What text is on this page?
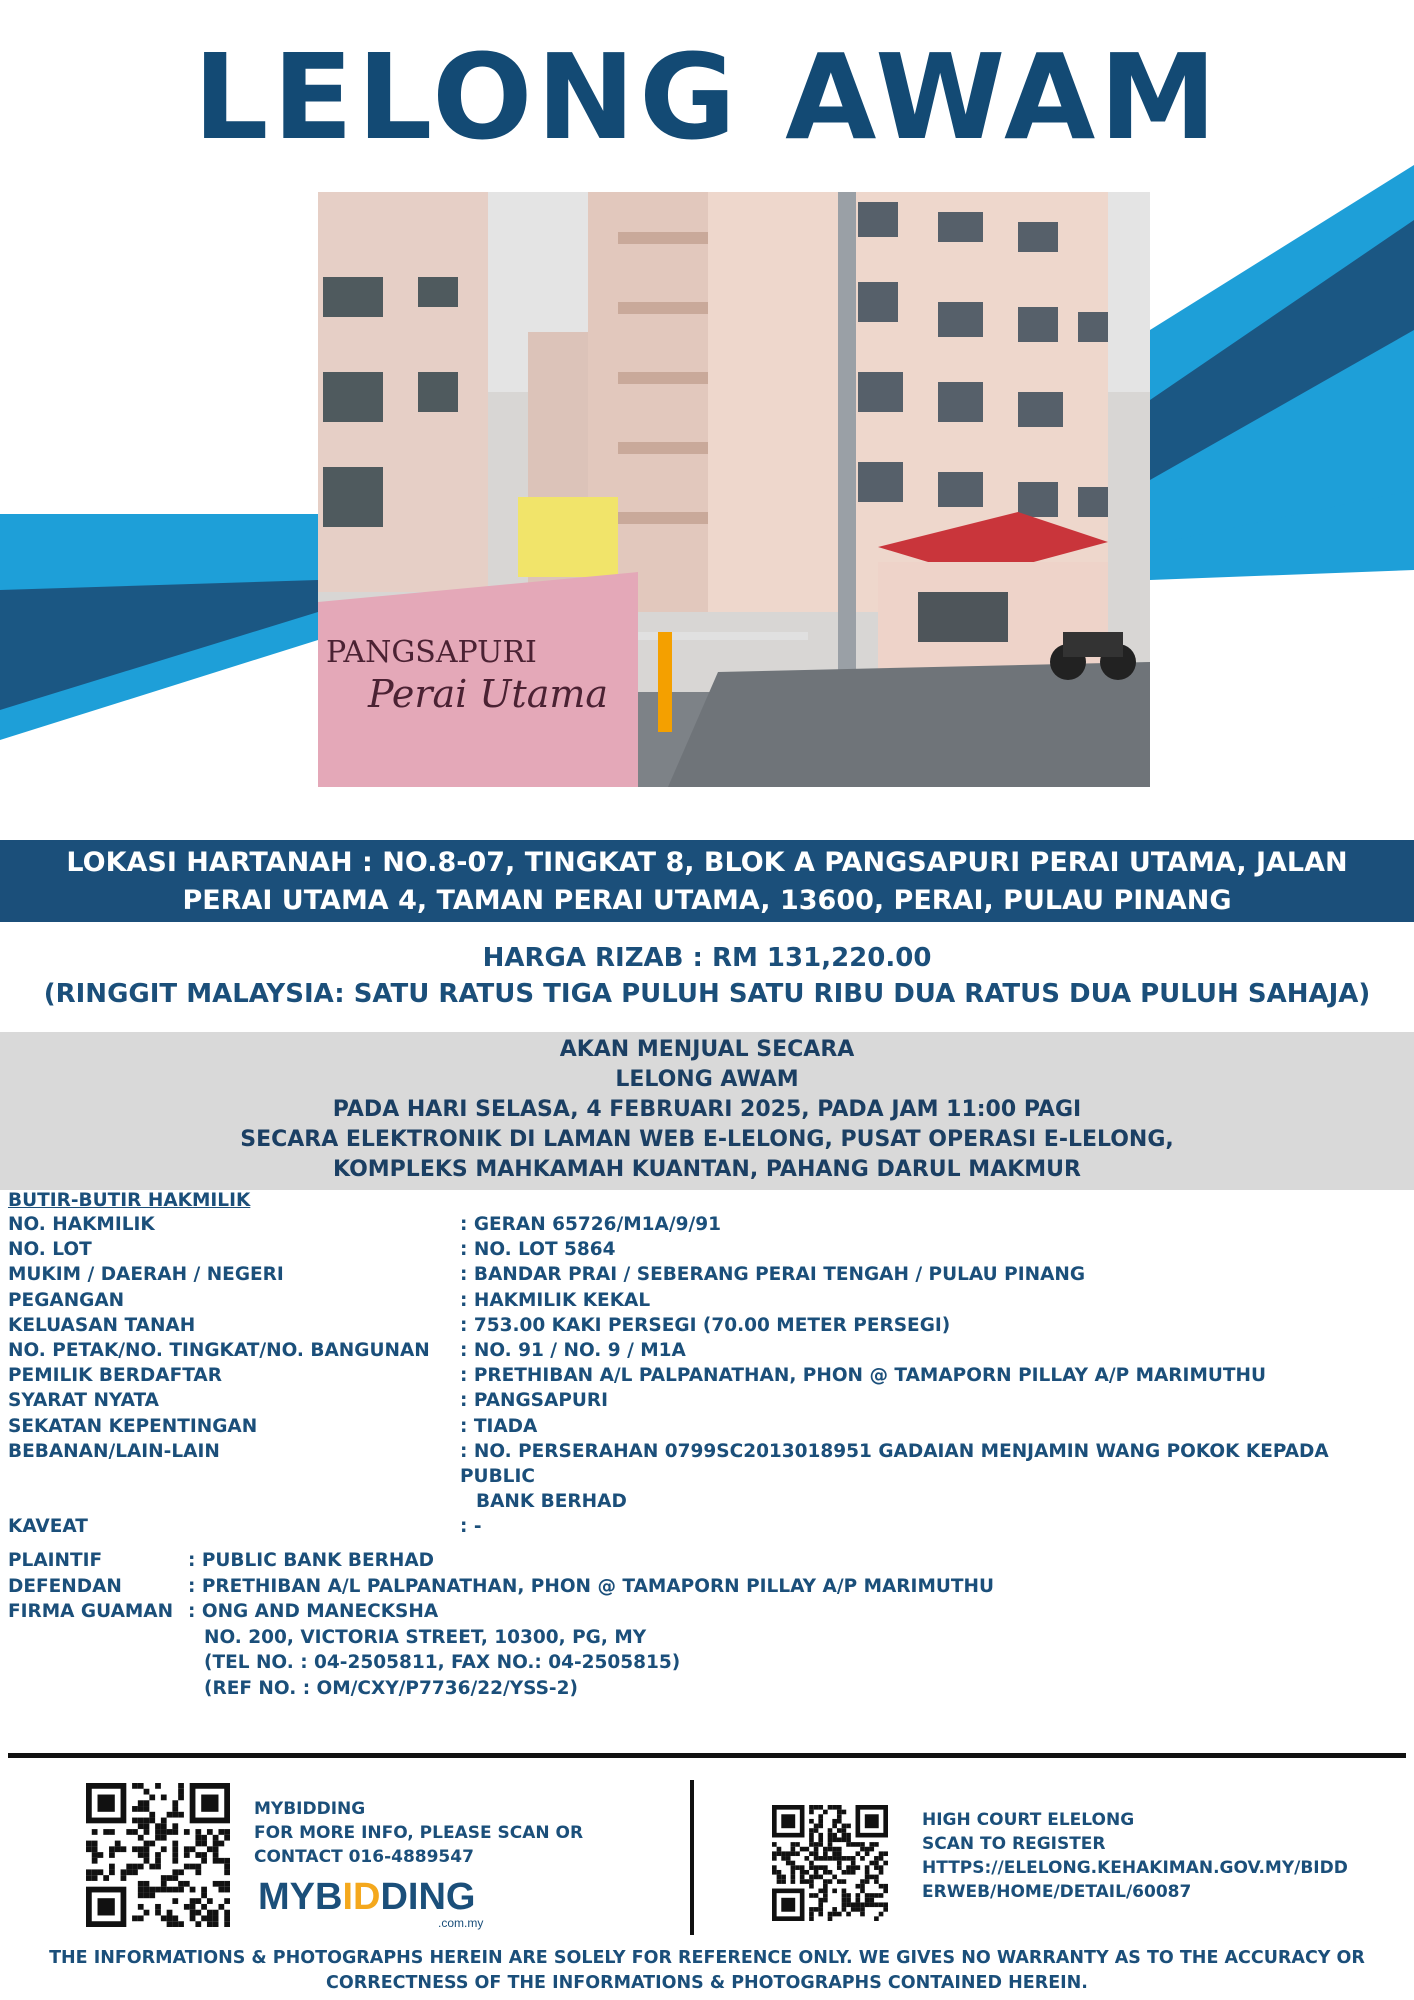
LELONG AWAM
PANGSAPURI
Perai Utama
LOKASI HARTANAH : NO.8-07, TINGKAT 8, BLOK A PANGSAPURI PERAI UTAMA, JALAN
PERAI UTAMA 4, TAMAN PERAI UTAMA, 13600, PERAI, PULAU PINANG
HARGA RIZAB : RM 131,220.00
(RINGGIT MALAYSIA: SATU RATUS TIGA PULUH SATU RIBU DUA RATUS DUA PULUH SAHAJA)
AKAN MENJUAL SECARA
LELONG AWAM
PADA HARI SELASA, 4 FEBRUARI 2025, PADA JAM 11:00 PAGI
SECARA ELEKTRONIK DI LAMAN WEB E-LELONG, PUSAT OPERASI E-LELONG,
KOMPLEKS MAHKAMAH KUANTAN, PAHANG DARUL MAKMUR
BUTIR-BUTIR HAKMILIK
NO. HAKMILIK	: GERAN 65726/M1A/9/91
NO. LOT	: NO. LOT 5864
MUKIM / DAERAH / NEGERI	: BANDAR PRAI / SEBERANG PERAI TENGAH / PULAU PINANG
PEGANGAN	: HAKMILIK KEKAL
KELUASAN TANAH	: 753.00 KAKI PERSEGI (70.00 METER PERSEGI)
NO. PETAK/NO. TINGKAT/NO. BANGUNAN	: NO. 91 / NO. 9 / M1A
PEMILIK BERDAFTAR	: PRETHIBAN A/L PALPANATHAN, PHON @ TAMAPORN PILLAY A/P MARIMUTHU
SYARAT NYATA	: PANGSAPURI
SEKATAN KEPENTINGAN	: TIADA
BEBANAN/LAIN-LAIN	: NO. PERSERAHAN 0799SC2013018951 GADAIAN MENJAMIN WANG POKOK KEPADA PUBLIC
BANK BERHAD
KAVEAT	: -
PLAINTIF	: PUBLIC BANK BERHAD
DEFENDAN	: PRETHIBAN A/L PALPANATHAN, PHON @ TAMAPORN PILLAY A/P MARIMUTHU
FIRMA GUAMAN : ONG AND MANECKSHA
NO. 200, VICTORIA STREET, 10300, PG, MY
(TEL NO. : 04-2505811, FAX NO.: 04-2505815)
(REF NO. : OM/CXY/P7736/22/YSS-2)
MYBIDDING
FOR MORE INFO, PLEASE SCAN OR
CONTACT 016-4889547
MYBIDDING
.com.my
HIGH COURT ELELONG
SCAN TO REGISTER
HTTPS://ELELONG.KEHAKIMAN.GOV.MY/BIDD
ERWEB/HOME/DETAIL/60087
THE INFORMATIONS & PHOTOGRAPHS HEREIN ARE SOLELY FOR REFERENCE ONLY. WE GIVES NO WARRANTY AS TO THE ACCURACY OR
CORRECTNESS OF THE INFORMATIONS & PHOTOGRAPHS CONTAINED HEREIN.
